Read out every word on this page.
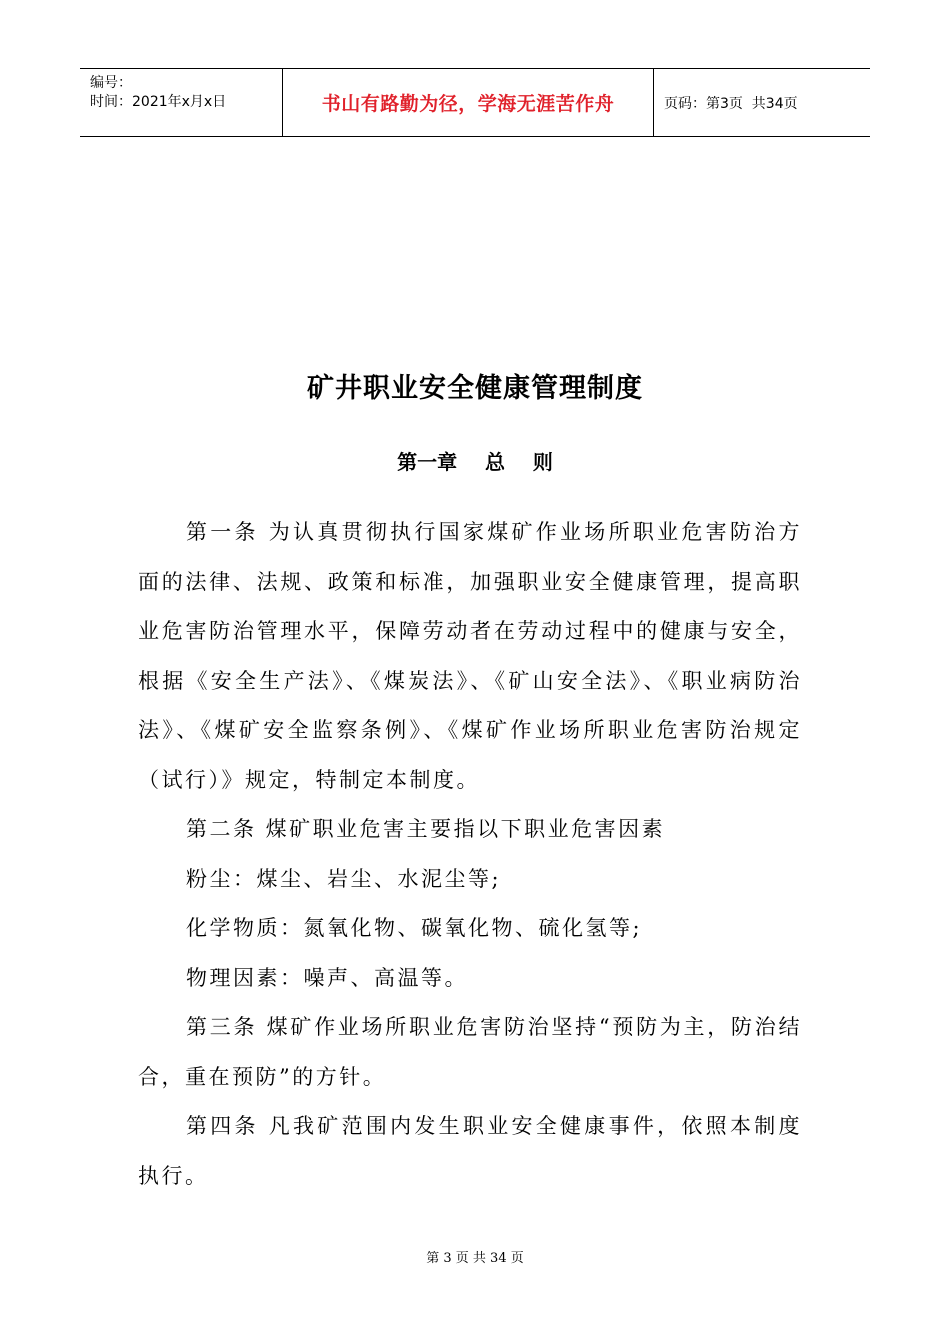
编号：
时间：2021年x月x日	书山有路勤为径，学海无涯苦作舟	页码：第3页  共34页
矿井职业安全健康管理制度
第一章    总    则

第一条 为认真贯彻执行国家煤矿作业场所职业危害防治方面的法律、法规、政策和标准，加强职业安全健康管理，提高职业危害防治管理水平，保障劳动者在劳动过程中的健康与安全，根据《安全生产法》、《煤炭法》、《矿山安全法》、《职业病防治法》、《煤矿安全监察条例》、《煤矿作业场所职业危害防治规定（试行）》规定，特制定本制度。

第二条 煤矿职业危害主要指以下职业危害因素

粉尘：煤尘、岩尘、水泥尘等;

化学物质：氮氧化物、碳氧化物、硫化氢等;

物理因素：噪声、高温等。

第三条 煤矿作业场所职业危害防治坚持“预防为主，防治结合，重在预防”的方针。

第四条 凡我矿范围内发生职业安全健康事件，依照本制度执行。

第 3 页 共 34 页
